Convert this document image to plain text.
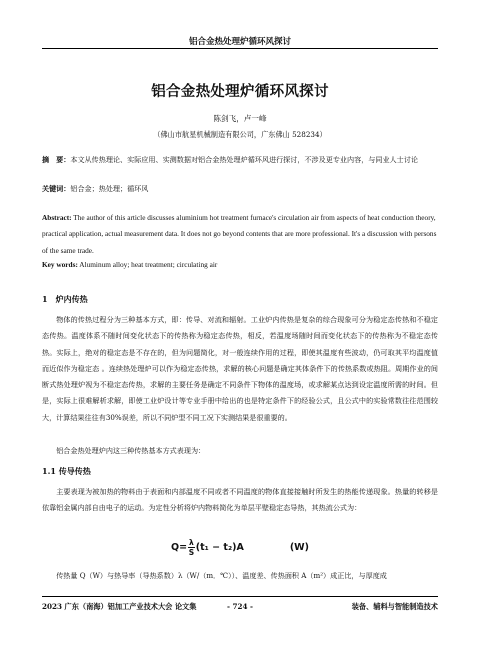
铝合金热处理炉循环风探讨
铝合金热处理炉循环风探讨
陈剑飞，卢一峰
（佛山市航星机械制造有限公司，广东佛山 528234）
摘　要：本文从传热理论、实际应用、实测数据对铝合金热处理炉循环风进行探讨，不涉及更专业内容，与同业人士讨论
关键词：铝合金；热处理；循环风
Abstract: The author of this article discusses aluminium hot treatment furnace's circulation air from aspects of heat conduction theory, practical application, actual measurement data. It does not go beyond contents that are more professional. It's a discussion with persons of the same trade.
Key words: Aluminum alloy; heat treatment; circulating air
1　炉内传热
物体的传热过程分为三种基本方式，即：传导、对流和辐射。工业炉内传热是复杂的综合现象可分为稳定态传热和不稳定态传热。温度体系不随时间变化状态下的传热称为稳定态传热，相反，若温度场随时间而变化状态下的传热称为不稳定态传热。实际上，绝对的稳定态是不存在的，但为问题简化，对一般连续作用的过程，即使其温度有些波动，仍可取其平均温度值而近似作为稳定态 。连续热处理炉可以作为稳定态传热，求解的核心问题是确定其体条件下的传热系数或热阻。周期作业的间断式热处理炉视为不稳定态传热，求解的主要任务是确定不同条件下物体的温度场，或求解某点达到设定温度所需的时间。但是，实际上很难解析求解，即使工业炉设计等专业手册中给出的也是特定条件下的经验公式，且公式中的实验常数往往范围较大，计算结果往往有30%误差，所以不同炉型不同工况下实测结果是很重要的。
铝合金热处理炉内这三种传热基本方式表现为：
1.1 传导传热
主要表现为被加热的物料由于表面和内部温度不同或者不同温度的物体直接接触时所发生的热能传递现象。热量的转移是依靠铝金属内部自由电子的运动。为定性分析将炉内物料简化为单层平壁稳定态导热，其热流公式为：
$Q= \frac{\lambda}{S} (t_1 - t_2)A$	(W)
传热量 Q（W）与热导率（导热系数）λ（W/（m．℃））、温度差、传热面积 A（m²）成正比，与厚度成
2023 广东（南海）铝加工产业技术大会 论文集	- 724 -	装备、辅料与智能制造技术
